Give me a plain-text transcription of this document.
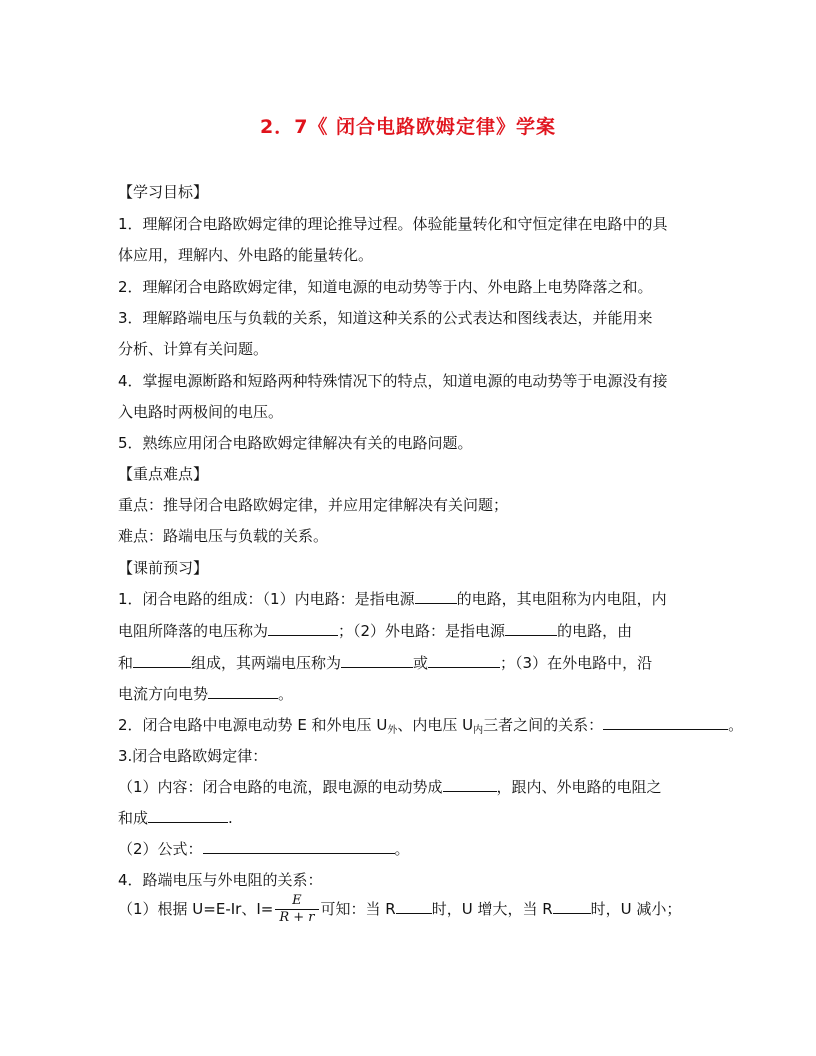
2．7《 闭合电路欧姆定律》学案
【学习目标】
1．理解闭合电路欧姆定律的理论推导过程。体验能量转化和守恒定律在电路中的具
体应用，理解内、外电路的能量转化。
2．理解闭合电路欧姆定律，知道电源的电动势等于内、外电路上电势降落之和。
3．理解路端电压与负载的关系，知道这种关系的公式表达和图线表达，并能用来
分析、计算有关问题。
4．掌握电源断路和短路两种特殊情况下的特点，知道电源的电动势等于电源没有接
入电路时两极间的电压。
5．熟练应用闭合电路欧姆定律解决有关的电路问题。
【重点难点】
重点：推导闭合电路欧姆定律，并应用定律解决有关问题；
难点：路端电压与负载的关系。
【课前预习】
1．闭合电路的组成：（1）内电路：是指电源	的电路，其电阻称为内电阻，内
电阻所降落的电压称为	；（2）外电路：是指电源	的电路，由
和	组成，其两端电压称为	或	；（3）在外电路中，沿
电流方向电势	。
2．闭合电路中电源电动势 E 和外电压 $U_外$、内电压 $U_内$三者之间的关系：	。
3.闭合电路欧姆定律：
（1）内容：闭合电路的电流，跟电源的电动势成	，跟内、外电路的电阻之
和成	.
（2）公式：	。
4．路端电压与外电阻的关系：
（1）根据 U=E-Ir、$I= \frac{E}{R + r}$ 可知：当 R 时，U 增大，当 R	时，U 减小；
